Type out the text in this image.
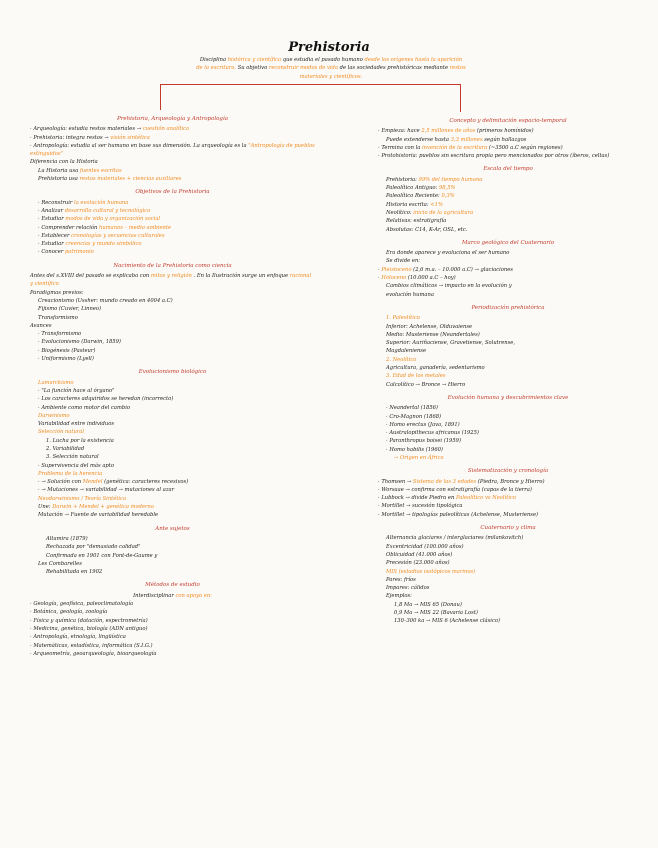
Prehistoria
Disciplina histórica y científica que estudia el pasado humano desde los orígenes hasta la aparición de la escritura. Su objetivo reconstruir modos de vida de las sociedades prehistóricas mediante restos materiales y científicos.
Prehistoria, Arqueología y Antropología
· Arqueología: estudia restos materiales → cuestión analítica
· Prehistoria: integra restos → visión sintética
· Antropología: estudia al ser humano en base sus dimensión. La arqueología es la "Antropología de pueblos extinguidos"
Diferencia con la Historia
La Historia usa fuentes escritas
Prehistoria usa restos materiales + ciencias auxiliares
Objetivos de la Prehistoria
· Reconstruir la evolución humana
· Analizar desarrollo cultural y tecnológico
· Estudiar modos de vida y organización social
· Comprender relación humanos – medio ambiente
· Establecer cronologías y secuencias culturales
· Estudiar creencias y mundo simbólico
· Conocer patrimonio
Nacimiento de la Prehistoria como ciencia
Antes del s.XVIII del pasado se explicaba con mitos y religión . En la Ilustración surge un enfoque racional y científico
Paradigmas previos:
Creacionismo (Ussher: mundo creado en 4004 a.C)
Fijismo (Cuvier, Linneo)
Transformismo
Avances
· Transformismo
· Evolucionismo (Darwin, 1859)
· Biogénesis (Pasteur)
· Uniformismo (Lyell)
Evolucionismo biológico
Lamarckismo
· "La función hace al órgano"
· Los caracteres adquiridos se heredan (incorrecto)
· Ambiente como motor del cambio
Darwinismo
Variabilidad entre individuos
Selección natural
1. Lucha por la existencia
2. Variabilidad
3. Selección natural
· Supervivencia del más apto
Problema de la herencia
· → Solución con Mendel (genética: caracteres recesivos)
· → Mutaciones → variabilidad → mutaciones al azar
Neodarwinismo / Teoría Sintética
Une: Darwin + Mendel + genética moderna
Mutación → Fuente de variabilidad heredable
Ante sujetos
Altamira (1879)
Rechazada por "demasiado calidad"
Confirmada en 1901 con Font-de-Gaume y
Les Combarelles
Rehabilitada en 1902
Métodos de estudio
Interdisciplinar con apoyo en:
· Geología, geofísica, paleoclimatología
· Botánica, geología, zoología
· Física y química (datación, espectrometría)
· Medicina, genética, biología (ADN antiguo)
· Antropología, etnología, lingüística
· Matemáticas, estadística, informática (S.I.G.)
· Arqueometría, geoarqueología, bioarqueología
Concepto y delimitación espacio-temporal
· Empieza: hace 2,5 millones de años (primeros homínidos)
Puede extenderse hasta 3,3 millones según hallazgos
· Termina con la invención de la escritura (~3500 a.C según regiones)
· Protohistoria: pueblos sin escritura propia pero mencionados por otros (íberos, celtas)
Escala del tiempo
Prehistoria: 99% del tiempo humano
Paleolítico Antiguo: 98,5%
Paleolítico Reciente: 0,3%
Historia escrita: <1%
Neolítico: inicio de la agricultura
Relativas: estratigrafía
Absolutas: C14, K-Ar, OSL, etc.
Marco geológico del Cuaternario
Era donde aparece y evoluciona el ser humano
Se divide en:
· Pleistoceno (2,6 m.a. – 10.000 a.C) → glaciaciones
· Holoceno (10.000 a.C – hoy)
Cambios climáticos → impacto en la evolución y
evolución humana
Periodización prehistórica
1. Paleolítico
Inferior: Achelense, Olduvaiense
Medio: Musteriense (Neandertales)
Superior: Auriñaciense, Gravetiense, Solutrense,
Magdaleniense
2. Neolítico
Agricultura, ganadería, sedentarismo
3. Edad de los metales
Calcolítico → Bronce → Hierro
Evolución humana y descubrimientos clave
· Neandertal (1856)
· Cro-Magnon (1868)
· Homo erectus (Java, 1891)
· Australopithecus africanus (1925)
· Paranthropus boisei (1959)
· Homo habilis (1960)
→ Origen en África
Sistematización y cronología
· Thomsen → Sistema de las 3 edades (Piedra, Bronce y Hierro)
· Worsaae → confirma con estratigrafía (capas de la tierra)
· Lubbock → divide Piedra en Paleolítico vs Neolítico
· Mortillet → sucesión tipológica
· Mortillet → tipologías paleolíticas (Achelense, Musteriense)
Cuaternario y clima
Alternancia glaciares / interglaciares (milankovitch)
Excentricidad (100.000 años)
Oblicuidad (41.000 años)
Precesión (23.000 años)
MIS (estadios isotópicos marinos)
Pares: fríos
Impares: cálidos
Ejemplos:
1,8 Ma → MIS 65 (Donau)
0,9 Ma → MIS 22 (Bavaria Lost)
130–300 ka → MIS 6 (Achelense clásico)
